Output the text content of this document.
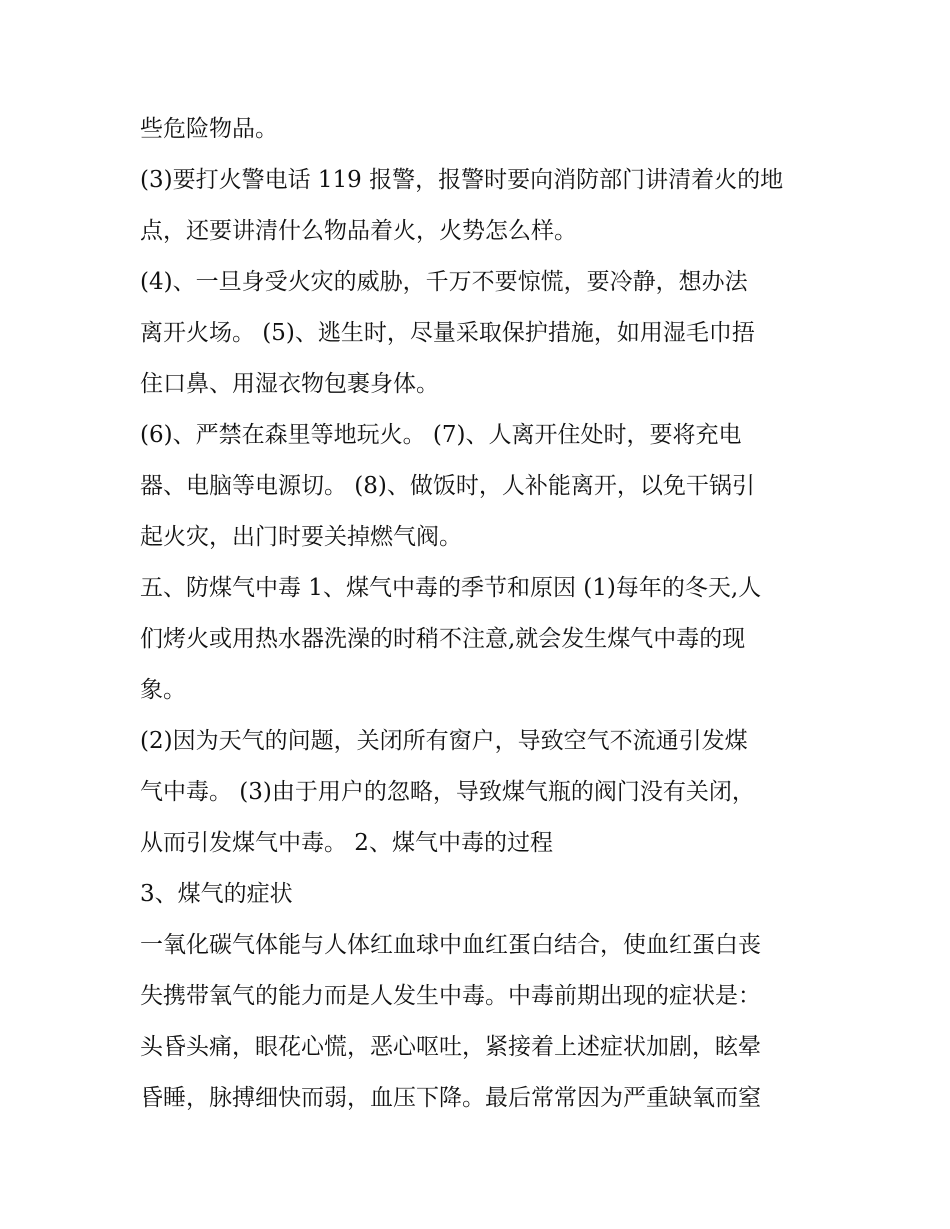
些危险物品。
(3)要打火警电话 119 报警，报警时要向消防部门讲清着火的地
点，还要讲清什么物品着火，火势怎么样。
(4)、一旦身受火灾的威胁，千万不要惊慌，要冷静，想办法
离开火场。 (5)、逃生时，尽量采取保护措施，如用湿毛巾捂
住口鼻、用湿衣物包裹身体。
(6)、严禁在森里等地玩火。 (7)、人离开住处时，要将充电
器、电脑等电源切。 (8)、做饭时，人补能离开，以免干锅引
起火灾，出门时要关掉燃气阀。
五、防煤气中毒 1、煤气中毒的季节和原因 (1)每年的冬天,人
们烤火或用热水器洗澡的时稍不注意,就会发生煤气中毒的现
象。
(2)因为天气的问题，关闭所有窗户，导致空气不流通引发煤
气中毒。 (3)由于用户的忽略，导致煤气瓶的阀门没有关闭，
从而引发煤气中毒。 2、煤气中毒的过程
3、煤气的症状
一氧化碳气体能与人体红血球中血红蛋白结合，使血红蛋白丧
失携带氧气的能力而是人发生中毒。中毒前期出现的症状是：
头昏头痛，眼花心慌，恶心呕吐，紧接着上述症状加剧，眩晕
昏睡，脉搏细快而弱，血压下降。最后常常因为严重缺氧而窒
